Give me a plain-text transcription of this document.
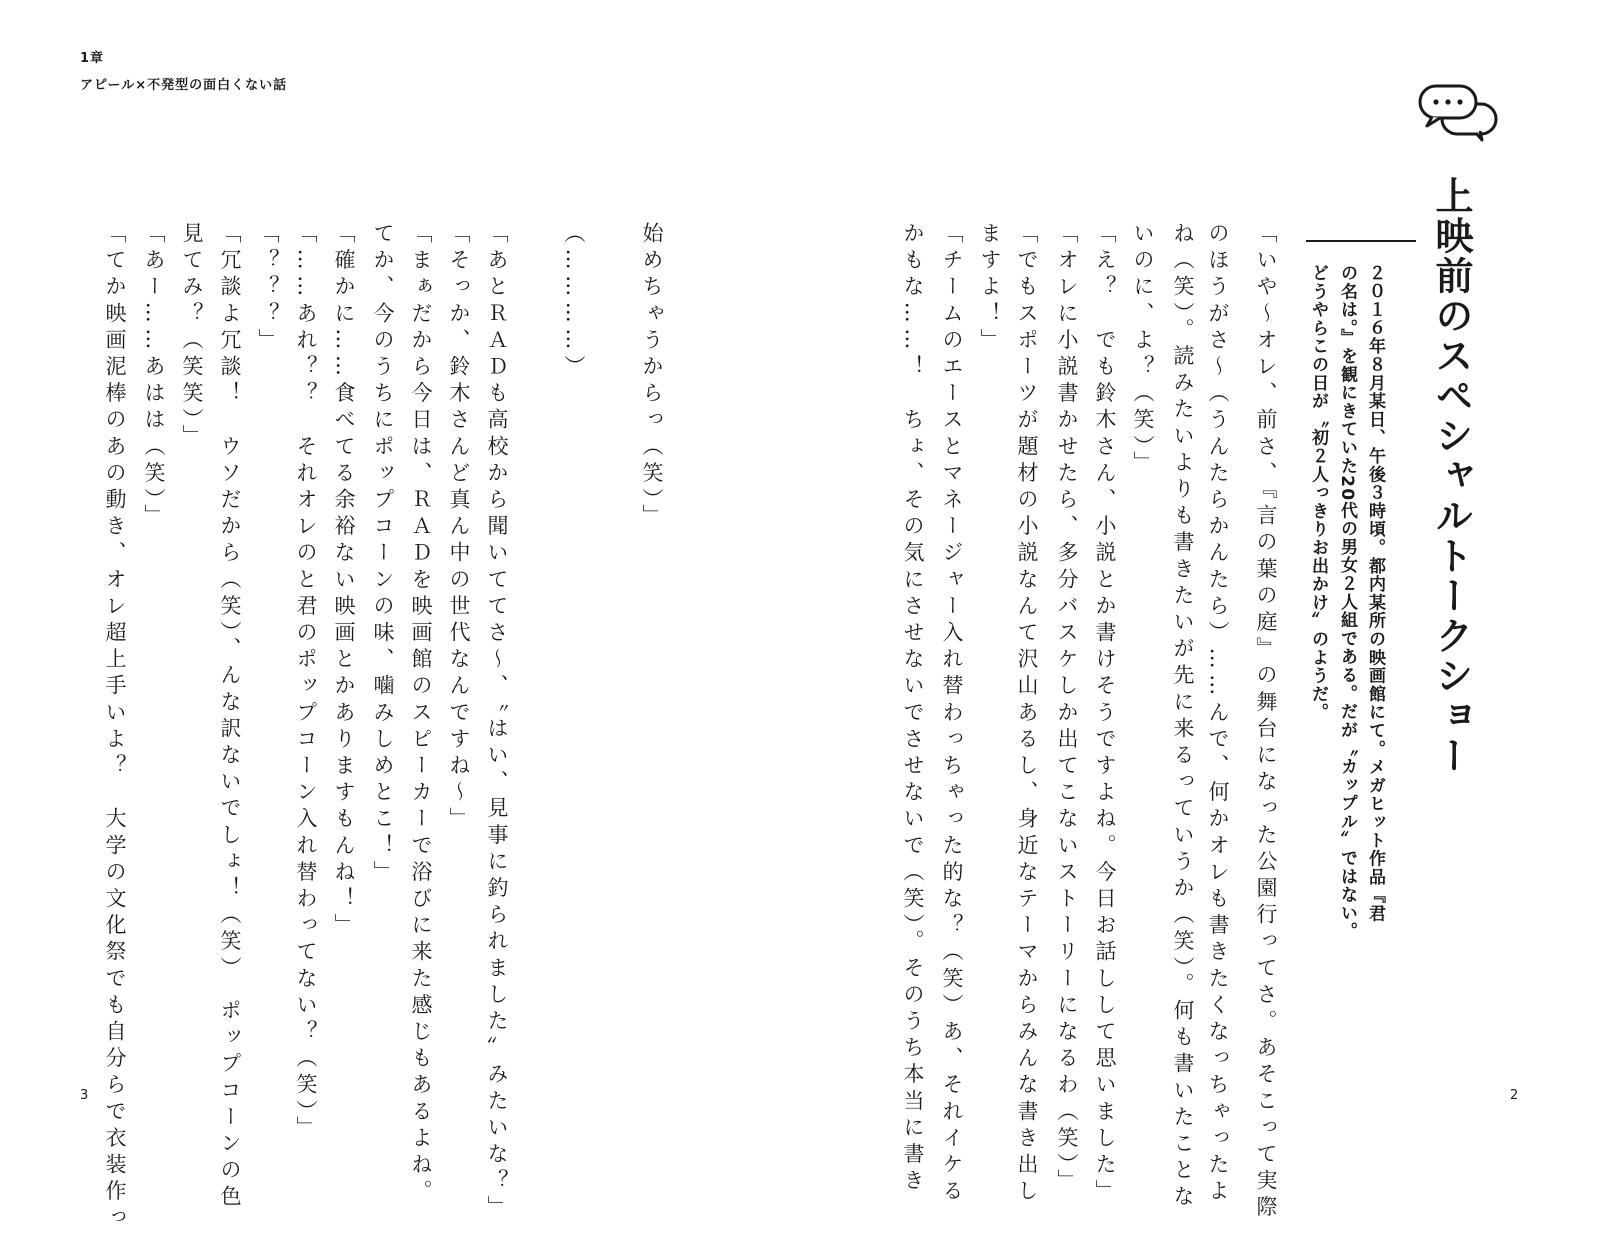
1章
アピール×不発型の面白くない話
上映前のスペシャルトークショー
２０１６年８月某日、午後３時頃。都内某所の映画館にて。メガヒット作品『君
の名は。』を観にきていた20代の男女２人組である。だが〝カップル〟ではない。
どうやらこの日が〝初２人っきりお出かけ〟のようだ。
「いや〜オレ、前さ、『言の葉の庭』の舞台になった公園行ってさ。あそこって実際
のほうがさ〜（うんたらかんたら）……んで、何かオレも書きたくなっちゃったよ
ね（笑）。読みたいよりも書きたいが先に来るっていうか（笑）。何も書いたことな
いのに、よ？（笑）」
「え？　でも鈴木さん、小説とか書けそうですよね。今日お話しして思いました」
「オレに小説書かせたら、多分バスケしか出てこないストーリーになるわ（笑）」
「でもスポーツが題材の小説なんて沢山あるし、身近なテーマからみんな書き出し
ますよ！」
「チームのエースとマネージャー入れ替わっちゃった的な？（笑）あ、それイケる
かもな……！　ちょ、その気にさせないでさせないで（笑）。そのうち本当に書き
始めちゃうからっ（笑）」
（…………）
「あとＲＡＤも高校から聞いててさ〜、〝はい、見事に釣られました〟みたいな？」
「そっか、鈴木さんど真ん中の世代なんですね〜」
「まぁだから今日は、ＲＡＤを映画館のスピーカーで浴びに来た感じもあるよね。
てか、今のうちにポップコーンの味、噛みしめとこ！」
「確かに……食べてる余裕ない映画とかありますもんね！」
「……あれ？？　それオレのと君のポップコーン入れ替わってない？（笑）」
「？？？」
「冗談よ冗談！　ウソだから（笑）、んな訳ないでしょ！（笑）　ポップコーンの色
見てみ？（笑笑）」
「あー……あはは（笑）」
「てか映画泥棒のあの動き、オレ超上手いよ？　大学の文化祭でも自分らで衣装作っ
3	2
